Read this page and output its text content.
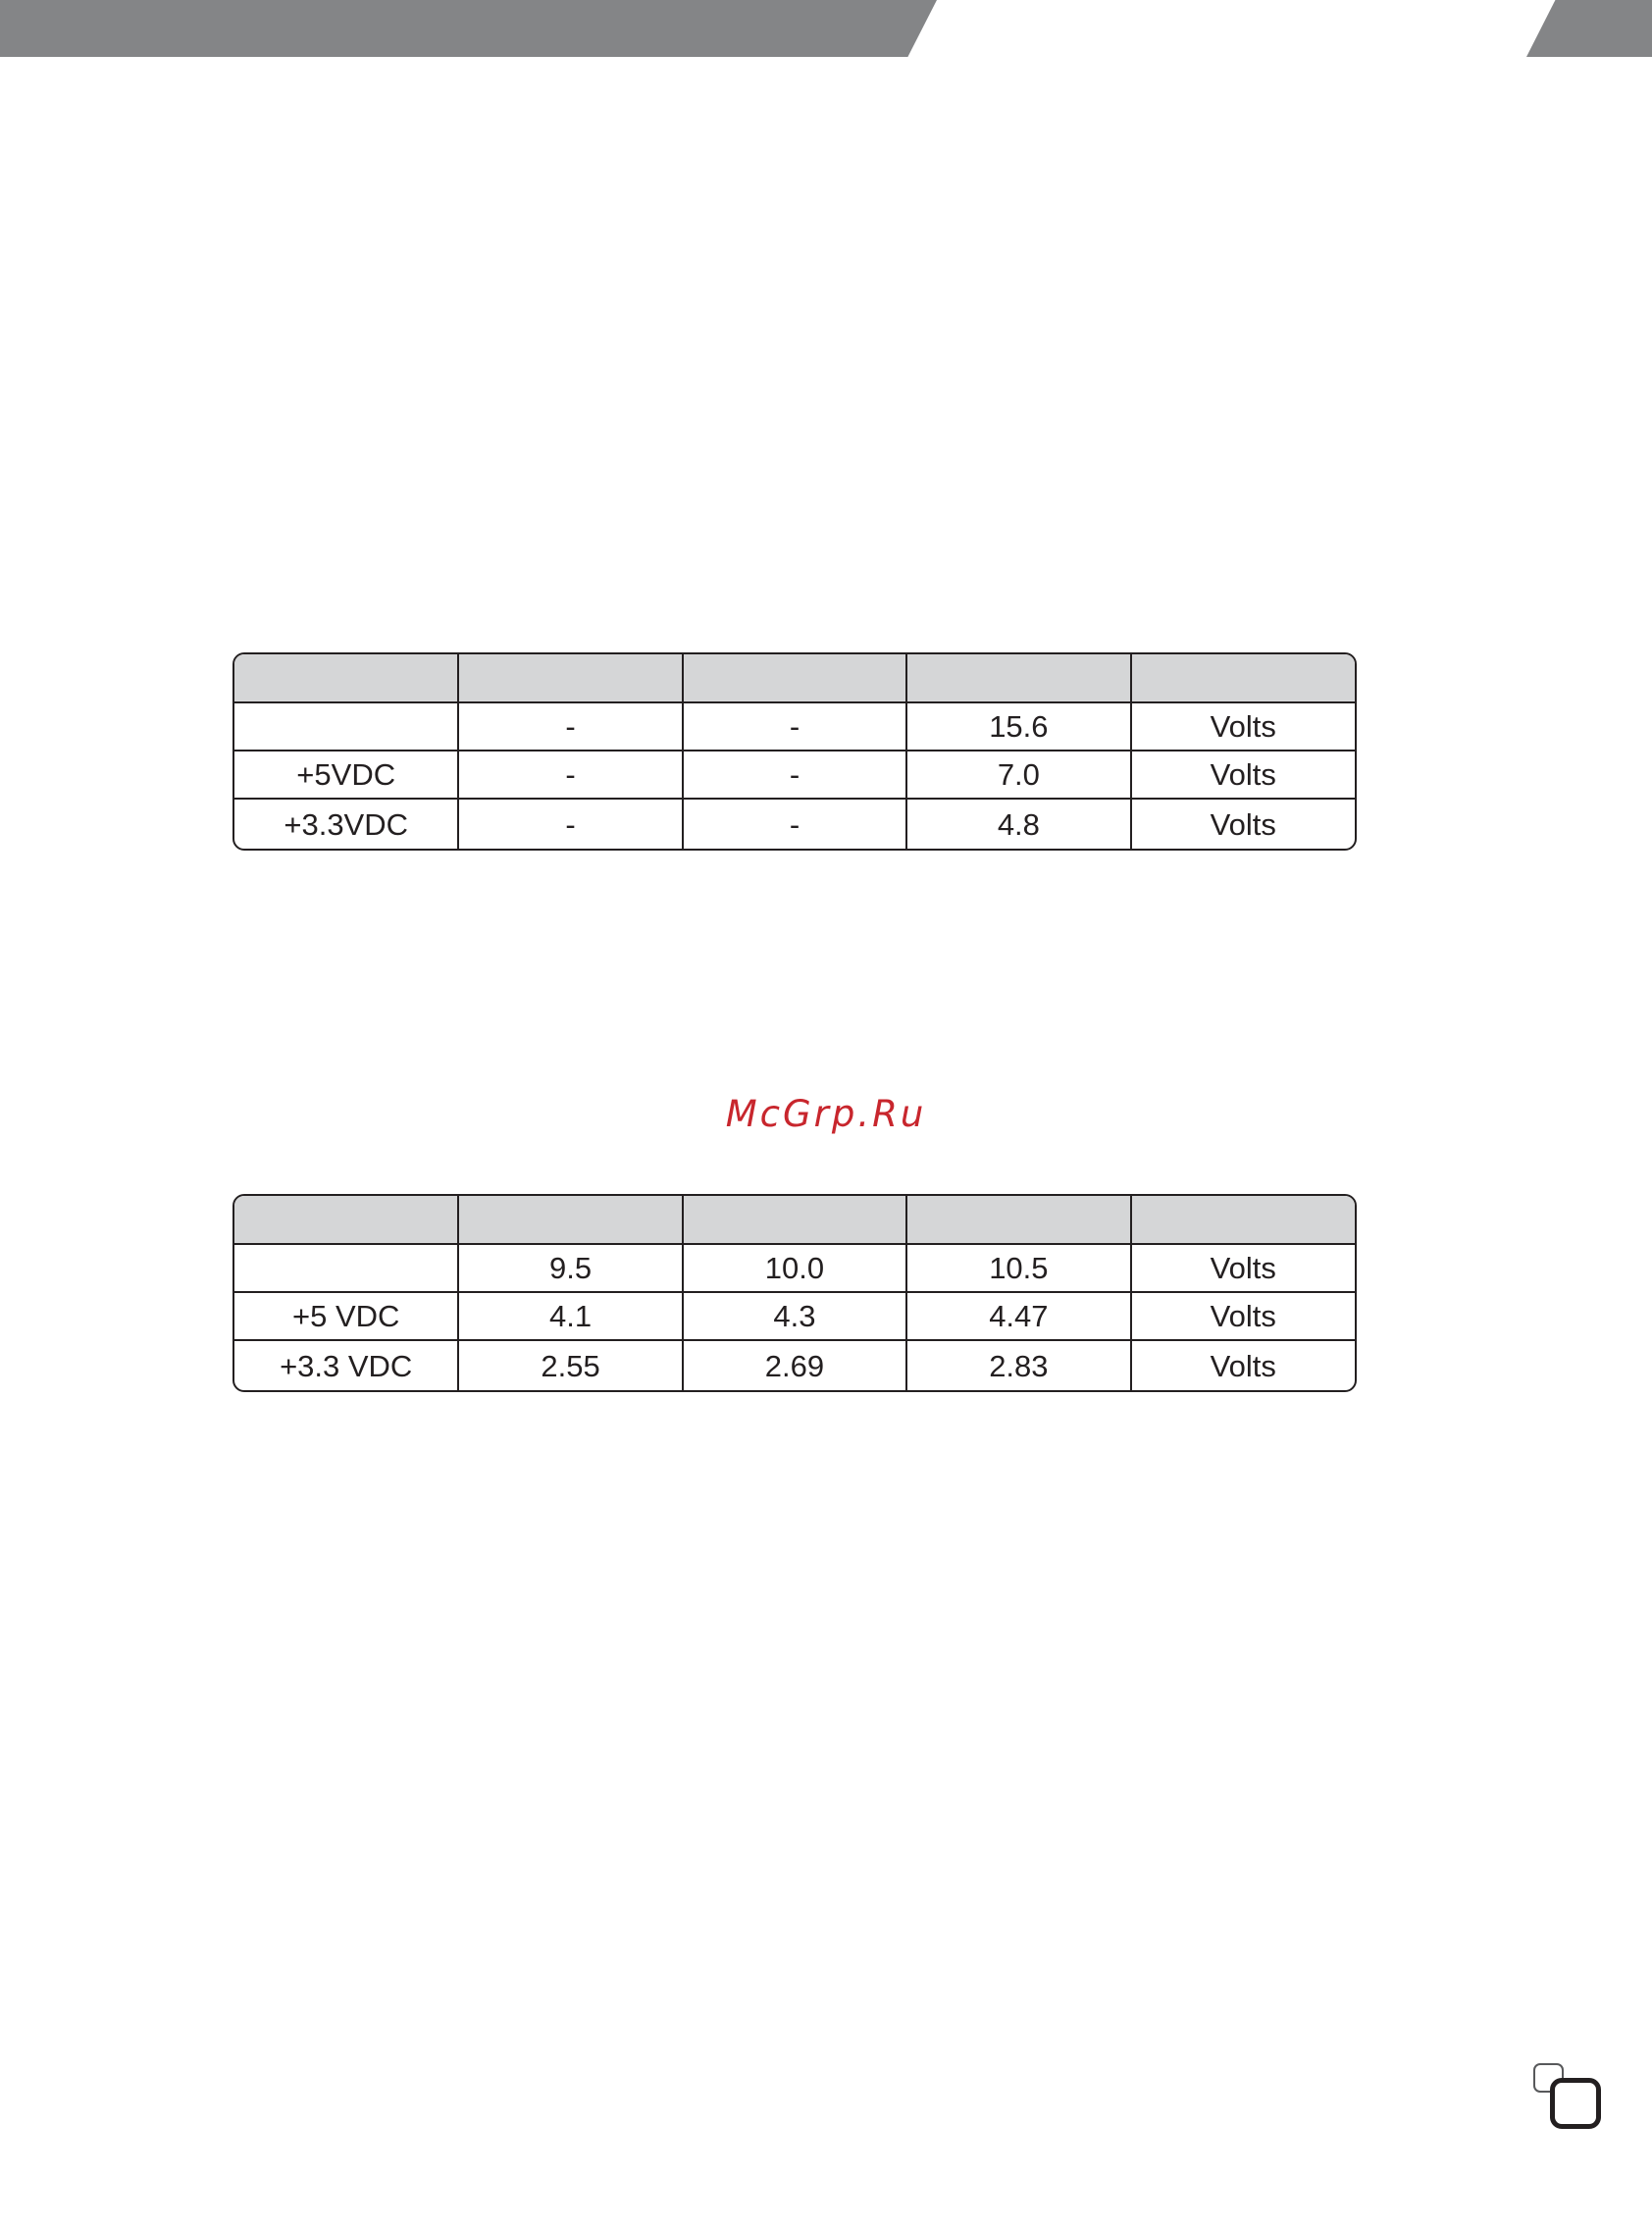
	-	-	15.6	Volts
+5VDC	-	-	7.0	Volts
+3.3VDC	-	-	4.8	Volts
McGrp.Ru

	9.5	10.0	10.5	Volts
+5 VDC	4.1	4.3	4.47	Volts
+3.3 VDC	2.55	2.69	2.83	Volts
